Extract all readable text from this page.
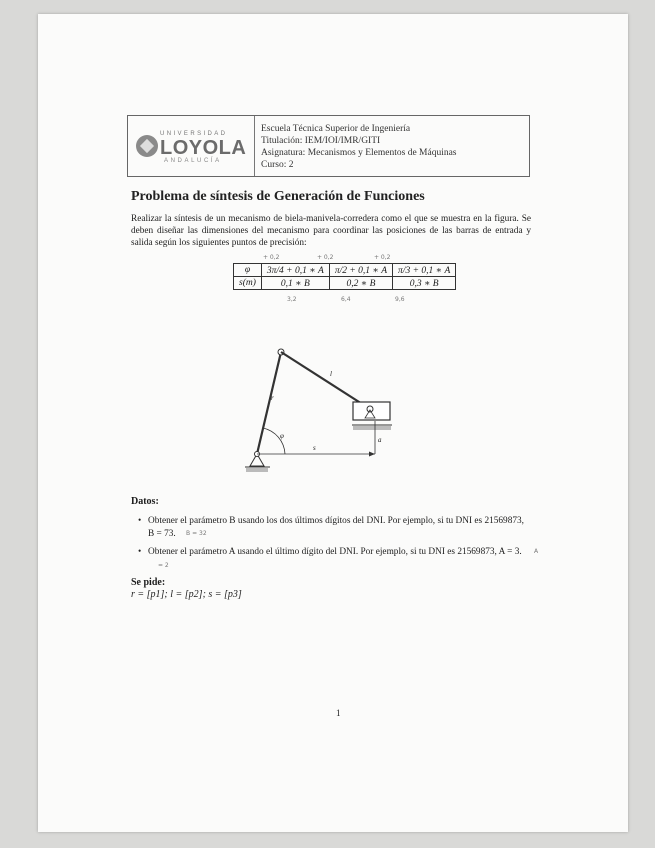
UNIVERSIDAD
LOYOLA
ANDALUCÍA
Escuela Técnica Superior de Ingeniería
Titulación: IEM/IOI/IMR/GITI
Asignatura: Mecanismos y Elementos de Máquinas
Curso: 2
Problema de síntesis de Generación de Funciones
Realizar la síntesis de un mecanismo de biela-manivela-corredera como el que se muestra en la figura. Se deben diseñar las dimensiones del mecanismo para coordinar las posiciones de las barras de entrada y salida según los siguientes puntos de precisión:
+ 0,2	+ 0,2	+ 0,2
φ	3π/4 + 0,1 ∗ A	π/2 + 0,1 ∗ A	π/3 + 0,1 ∗ A
s(m)	0,1 ∗ B	0,2 ∗ B	0,3 ∗ B
3,2	6,4	9,6
r
l
φ
s
a
Datos:
• Obtener el parámetro B usando los dos últimos dígitos del DNI. Por ejemplo, si tu DNI es 21569873, B = 73. B = 32
• Obtener el parámetro A usando el último dígito del DNI. Por ejemplo, si tu DNI es 21569873, A = 3. A = 2
Se pide:
r = [p1]; l = [p2]; s = [p3]
1
